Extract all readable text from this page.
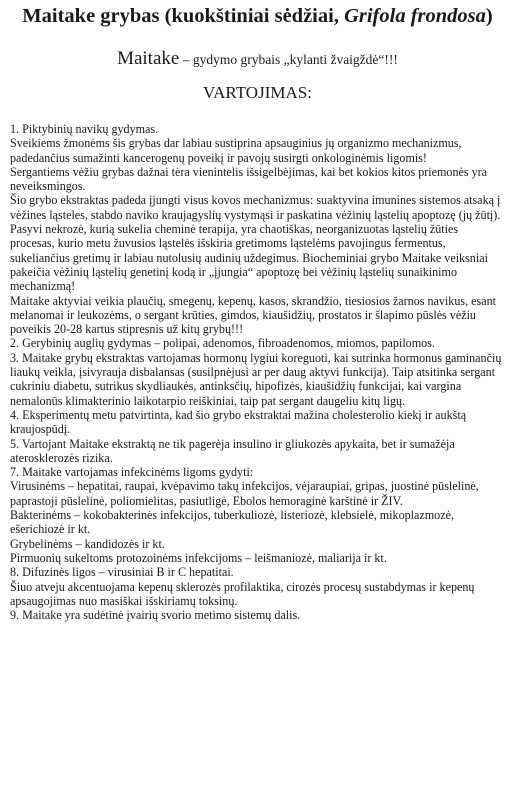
Maitake grybas (kuokštiniai sėdžiai, Grifola frondosa)
Maitake – gydymo grybais „kylanti žvaigždė“!!!
VARTOJIMAS:

1. Piktybinių navikų gydymas.

Sveikiems žmonėms šis grybas dar labiau sustiprina apsauginius jų organizmo mechanizmus, padedančius sumažinti kancerogenų poveikį ir pavojų susirgti onkologinėmis ligomis!

Sergantiems vėžiu grybas dažnai tėra vienintelis išsigelbėjimas, kai bet kokios kitos priemonės yra neveiksmingos.

Šio grybo ekstraktas padeda įjungti visus kovos mechanizmus: suaktyvina imunines sistemos atsaką į vėžines ląsteles, stabdo naviko kraujagyslių vystymąsi ir paskatina vėžinių ląstelių apoptozę (jų žūtį).

Pasyvi nekrozė, kurią sukelia cheminė terapija, yra chaotiškas, neorganizuotas ląstelių žūties procesas, kurio metu žuvusios ląstelės išskiria gretimoms ląstelėms pavojingus fermentus, sukeliančius gretimų ir labiau nutolusių audinių uždegimus. Biocheminiai grybo Maitake veiksniai pakeičia vėžinių ląstelių genetinį kodą ir „įjungia“ apoptozę bei vėžinių ląstelių sunaikinimo mechanizmą!

Maitake aktyviai veikia plaučių, smegenų, kepenų, kasos, skrandžio, tiesiosios žarnos navikus, esant melanomai ir leukozėms, o sergant krūties, gimdos, kiaušidžių, prostatos ir šlapimo pūslės vėžiu poveikis 20-28 kartus stipresnis už kitų grybų!!!

2. Gerybinių auglių gydymas – polipai, adenomos, fibroadenomos, miomos, papilomos.

3. Maitake grybų ekstraktas vartojamas hormonų lygiui koreguoti, kai sutrinka hormonus gaminančių liaukų veikla, įsivyrauja disbalansas (susilpnėjusi ar per daug aktyvi funkcija). Taip atsitinka sergant cukriniu diabetu, sutrikus skydliaukės, antinksčių, hipofizės, kiaušidžių funkcijai, kai vargina nemalonūs klimakterinio laikotarpio reiškiniai, taip pat sergant daugeliu kitų ligų.

4. Eksperimentų metu patvirtinta, kad šio grybo ekstraktai mažina cholesterolio kiekį ir aukštą kraujospūdį.

5. Vartojant Maitake ekstraktą ne tik pagerėja insulino ir gliukozės apykaita, bet ir sumažėja aterosklerozės rizika.

7. Maitake vartojamas infekcinėms ligoms gydyti:

Virusinėms – hepatitai, raupai, kvėpavimo takų infekcijos, vėjaraupiai, gripas, juostinė pūslelinė, paprastoji pūslelinė, poliomielitas, pasiutligė, Ebolos hemoraginė karštinė ir ŽIV.

Bakterinėms – kokobakterinės infekcijos, tuberkuliozė, listeriozė, klebsielė, mikoplazmozė, ešerichiozė ir kt.

Grybelinėms – kandidozės ir kt.

Pirmuonių sukeltoms protozoinėms infekcijoms – leišmaniozė, maliarija ir kt.

8. Difuzinės ligos – virusiniai B ir C hepatitai.

Šiuo atveju akcentuojama kepenų sklerozės profilaktika, cirozės procesų sustabdymas ir kepenų apsaugojimas nuo masiškai išskiriamų toksinų.

9. Maitake yra sudėtinė įvairių svorio metimo sistemų dalis.
